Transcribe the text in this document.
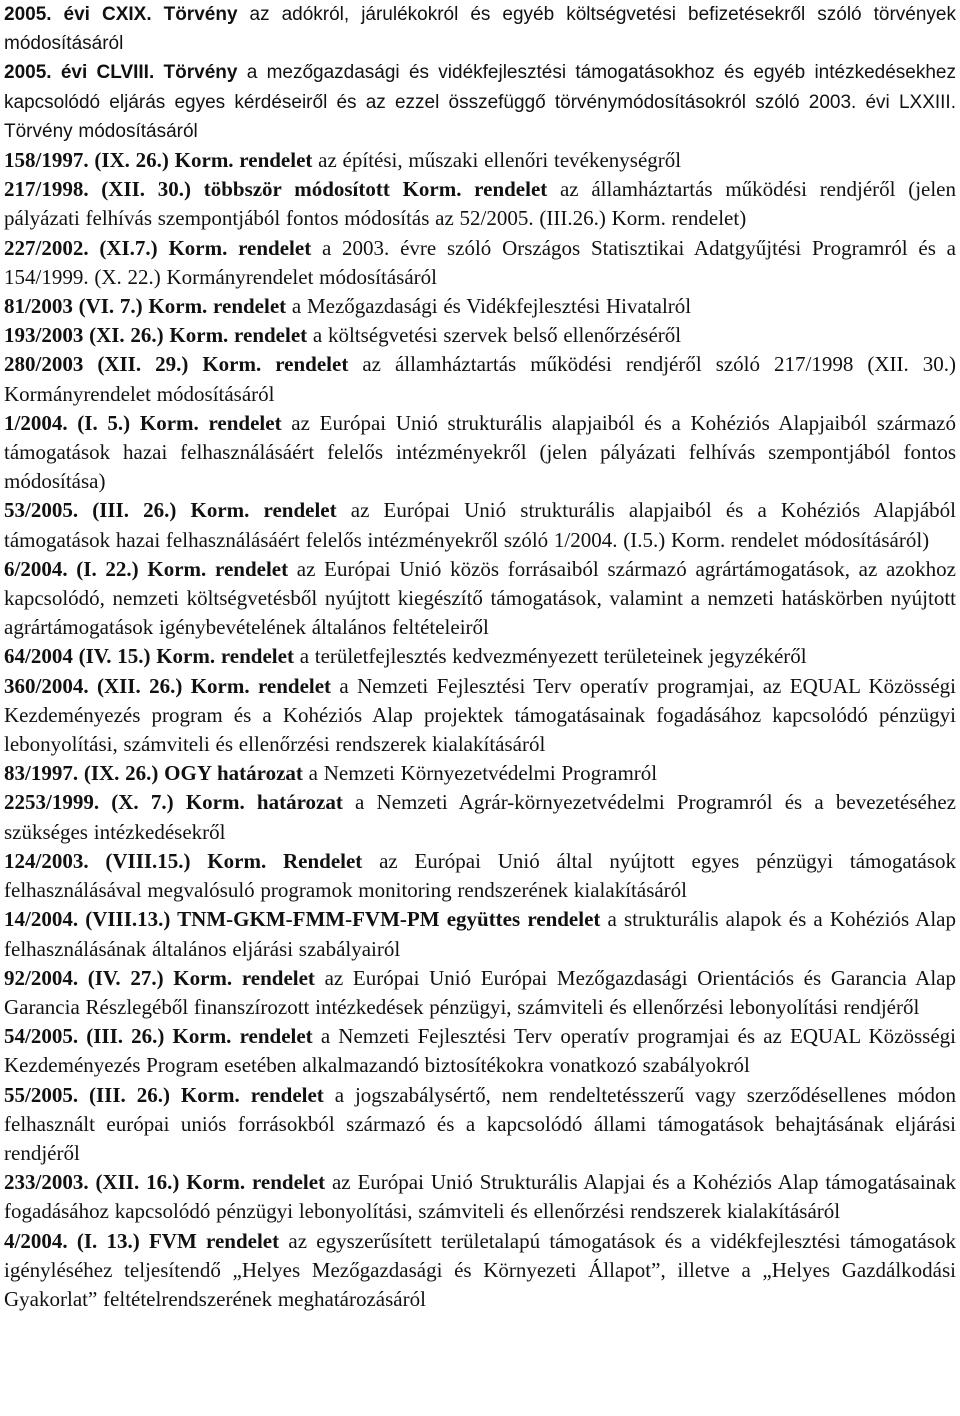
2005. évi CXIX. Törvény az adókról, járulékokról és egyéb költségvetési befizetésekről szóló törvények módosításáról

2005. évi CLVIII. Törvény a mezőgazdasági és vidékfejlesztési támogatásokhoz és egyéb intézkedésekhez kapcsolódó eljárás egyes kérdéseiről és az ezzel összefüggő törvénymódosításokról szóló 2003. évi LXXIII. Törvény módosításáról

158/1997. (IX. 26.) Korm. rendelet az építési, műszaki ellenőri tevékenységről

217/1998. (XII. 30.) többször módosított Korm. rendelet az államháztartás működési rendjéről (jelen pályázati felhívás szempontjából fontos módosítás az 52/2005. (III.26.) Korm. rendelet)

227/2002. (XI.7.) Korm. rendelet a 2003. évre szóló Országos Statisztikai Adatgyűjtési Programról és a 154/1999. (X. 22.) Kormányrendelet módosításáról

81/2003 (VI. 7.) Korm. rendelet a Mezőgazdasági és Vidékfejlesztési Hivatalról

193/2003 (XI. 26.) Korm. rendelet a költségvetési szervek belső ellenőrzéséről

280/2003 (XII. 29.) Korm. rendelet az államháztartás működési rendjéről szóló 217/1998 (XII. 30.) Kormányrendelet módosításáról

1/2004. (I. 5.) Korm. rendelet az Európai Unió strukturális alapjaiból és a Kohéziós Alapjaiból származó támogatások hazai felhasználásáért felelős intézményekről (jelen pályázati felhívás szempontjából fontos módosítása)

53/2005. (III. 26.) Korm. rendelet az Európai Unió strukturális alapjaiból és a Kohéziós Alapjából támogatások hazai felhasználásáért felelős intézményekről szóló 1/2004. (I.5.) Korm. rendelet módosításáról)

6/2004. (I. 22.) Korm. rendelet az Európai Unió közös forrásaiból származó agrártámogatások, az azokhoz kapcsolódó, nemzeti költségvetésből nyújtott kiegészítő támogatások, valamint a nemzeti hatáskörben nyújtott agrártámogatások igénybevételének általános feltételeiről

64/2004 (IV. 15.) Korm. rendelet a területfejlesztés kedvezményezett területeinek jegyzékéről

360/2004. (XII. 26.) Korm. rendelet a Nemzeti Fejlesztési Terv operatív programjai, az EQUAL Közösségi Kezdeményezés program és a Kohéziós Alap projektek támogatásainak fogadásához kapcsolódó pénzügyi lebonyolítási, számviteli és ellenőrzési rendszerek kialakításáról

83/1997. (IX. 26.) OGY határozat a Nemzeti Környezetvédelmi Programról

2253/1999. (X. 7.) Korm. határozat a Nemzeti Agrár-környezetvédelmi Programról és a bevezetéséhez szükséges intézkedésekről

124/2003. (VIII.15.) Korm. Rendelet az Európai Unió által nyújtott egyes pénzügyi támogatások felhasználásával megvalósuló programok monitoring rendszerének kialakításáról

14/2004. (VIII.13.) TNM-GKM-FMM-FVM-PM együttes rendelet a strukturális alapok és a Kohéziós Alap felhasználásának általános eljárási szabályairól

92/2004. (IV. 27.) Korm. rendelet az Európai Unió Európai Mezőgazdasági Orientációs és Garancia Alap Garancia Részlegéből finanszírozott intézkedések pénzügyi, számviteli és ellenőrzési lebonyolítási rendjéről

54/2005. (III. 26.) Korm. rendelet a Nemzeti Fejlesztési Terv operatív programjai és az EQUAL Közösségi Kezdeményezés Program esetében alkalmazandó biztosítékokra vonatkozó szabályokról

55/2005. (III. 26.) Korm. rendelet a jogszabálysértő, nem rendeltetésszerű vagy szerződésellenes módon felhasznált európai uniós forrásokból származó és a kapcsolódó állami támogatások behajtásának eljárási rendjéről

233/2003. (XII. 16.) Korm. rendelet az Európai Unió Strukturális Alapjai és a Kohéziós Alap támogatásainak fogadásához kapcsolódó pénzügyi lebonyolítási, számviteli és ellenőrzési rendszerek kialakításáról

4/2004. (I. 13.) FVM rendelet az egyszerűsített területalapú támogatások és a vidékfejlesztési támogatások igényléséhez teljesítendő „Helyes Mezőgazdasági és Környezeti Állapot”, illetve a „Helyes Gazdálkodási Gyakorlat” feltételrendszerének meghatározásáról
